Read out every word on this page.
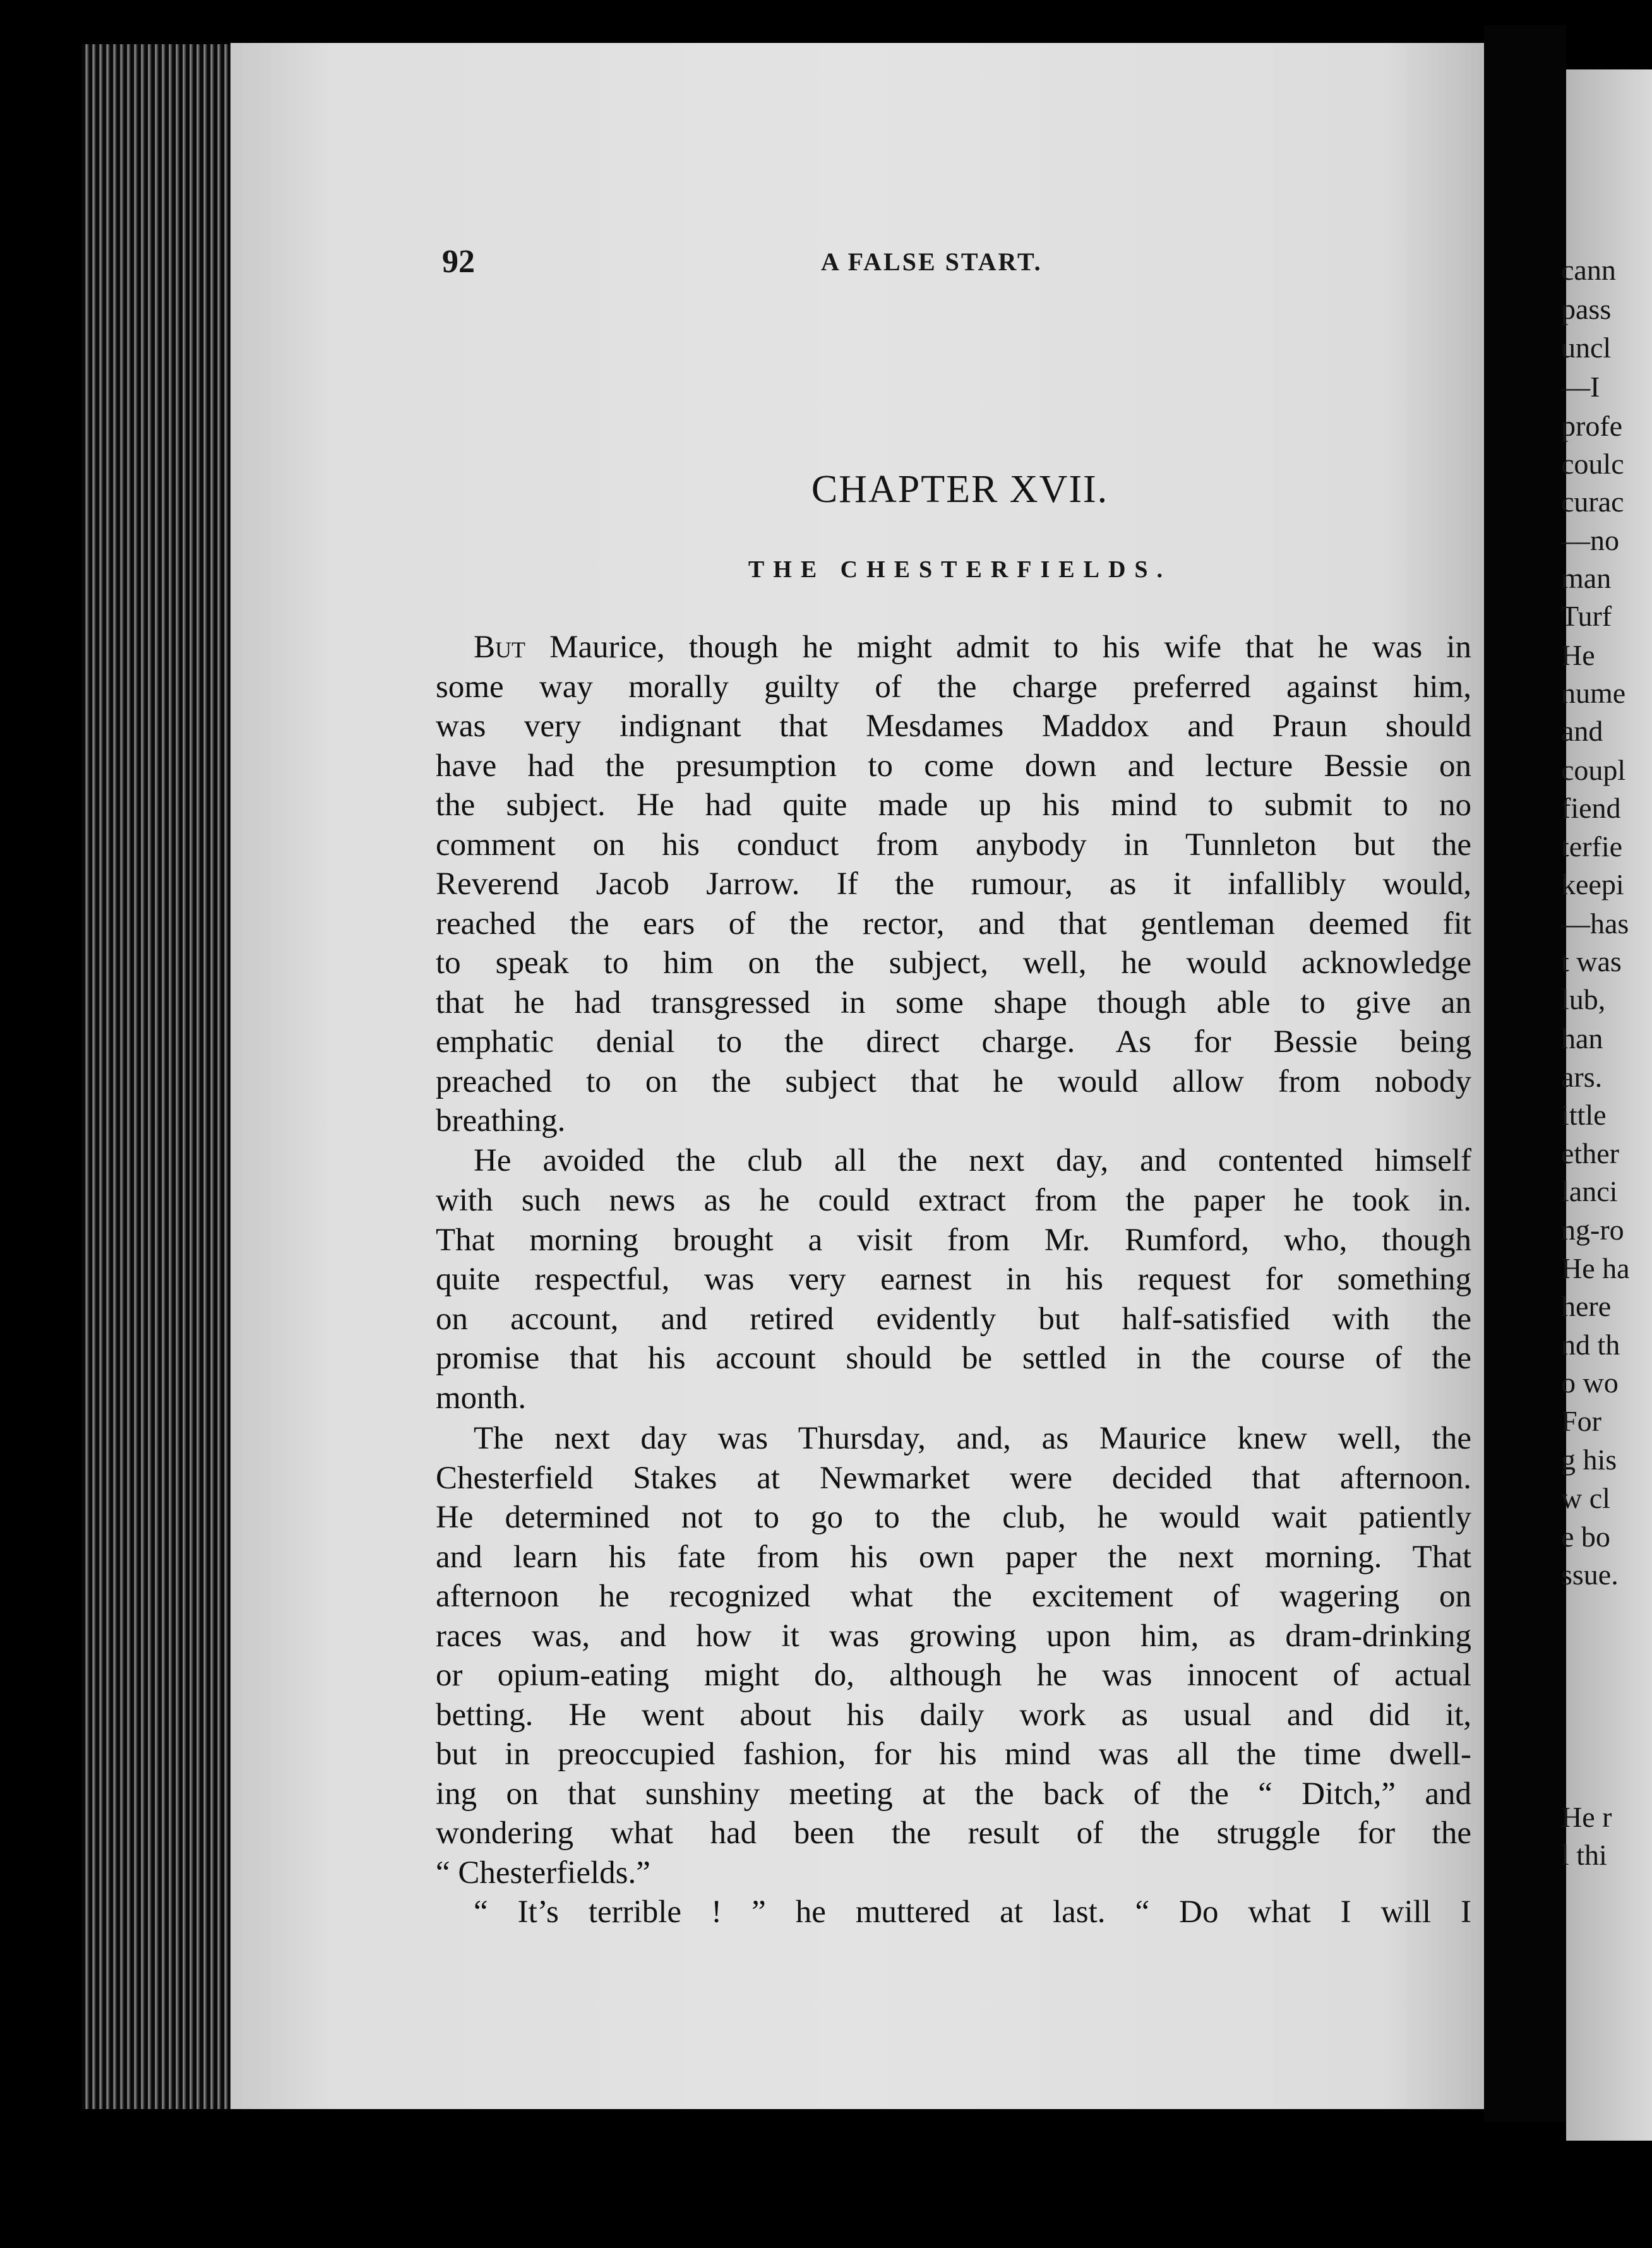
cann

pass

uncl

—I

profe

coulc

curac

—no

man

Turf

He

nume

and

coupl

fiend

terfie

keepi

—has

t was

lub,

han

ars.

ittle

ether

lanci

ng-ro

He ha

here

nd th

o wo

For

g his

w cl

e bo

ssue.

He r

l thi

92	A FALSE START.
CHAPTER XVII.
THE CHESTERFIELDS.

But Maurice, though he might admit to his wife that he was in

some way morally guilty of the charge preferred against him,

was very indignant that Mesdames Maddox and Praun should

have had the presumption to come down and lecture Bessie on

the subject. He had quite made up his mind to submit to no

comment on his conduct from anybody in Tunnleton but the

Reverend Jacob Jarrow. If the rumour, as it infallibly would,

reached the ears of the rector, and that gentleman deemed fit

to speak to him on the subject, well, he would acknowledge

that he had transgressed in some shape though able to give an

emphatic denial to the direct charge. As for Bessie being

preached to on the subject that he would allow from nobody

breathing.

He avoided the club all the next day, and contented himself

with such news as he could extract from the paper he took in.

That morning brought a visit from Mr. Rumford, who, though

quite respectful, was very earnest in his request for something

on account, and retired evidently but half-satisfied with the

promise that his account should be settled in the course of the

month.

The next day was Thursday, and, as Maurice knew well, the

Chesterfield Stakes at Newmarket were decided that afternoon.

He determined not to go to the club, he would wait patiently

and learn his fate from his own paper the next morning. That

afternoon he recognized what the excitement of wagering on

races was, and how it was growing upon him, as dram-drinking

or opium-eating might do, although he was innocent of actual

betting. He went about his daily work as usual and did it,

but in preoccupied fashion, for his mind was all the time dwell-

ing on that sunshiny meeting at the back of the “ Ditch,” and

wondering what had been the result of the struggle for the

“ Chesterfields.”

“ It’s terrible ! ” he muttered at last. “ Do what I will I
